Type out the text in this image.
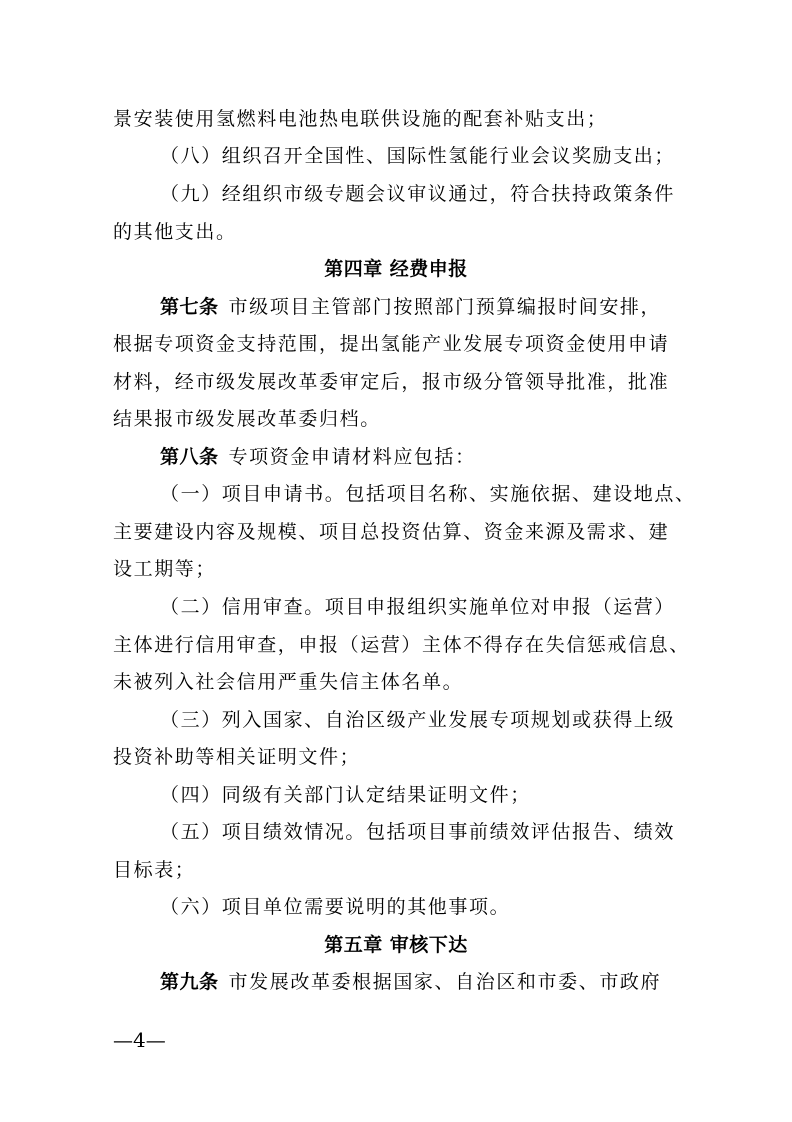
景安装使用氢燃料电池热电联供设施的配套补贴支出；
（八）组织召开全国性、国际性氢能行业会议奖励支出；
（九）经组织市级专题会议审议通过，符合扶持政策条件
的其他支出。
第四章 经费申报
第七条 市级项目主管部门按照部门预算编报时间安排，
根据专项资金支持范围，提出氢能产业发展专项资金使用申请
材料，经市级发展改革委审定后，报市级分管领导批准，批准
结果报市级发展改革委归档。
第八条 专项资金申请材料应包括：
（一）项目申请书。包括项目名称、实施依据、建设地点、
主要建设内容及规模、项目总投资估算、资金来源及需求、建
设工期等；
（二）信用审查。项目申报组织实施单位对申报（运营）
主体进行信用审查，申报（运营）主体不得存在失信惩戒信息、
未被列入社会信用严重失信主体名单。
（三）列入国家、自治区级产业发展专项规划或获得上级
投资补助等相关证明文件；
（四）同级有关部门认定结果证明文件；
（五）项目绩效情况。包括项目事前绩效评估报告、绩效
目标表；
（六）项目单位需要说明的其他事项。
第五章 审核下达
第九条 市发展改革委根据国家、自治区和市委、市政府
—4—
